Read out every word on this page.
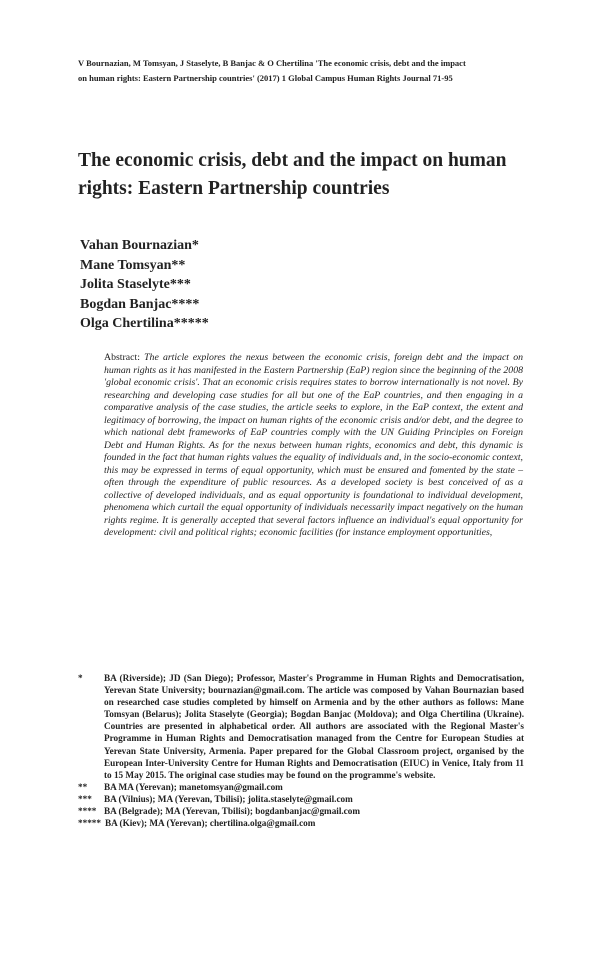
V Bournazian, M Tomsyan, J Staselyte, B Banjac & O Chertilina 'The economic crisis, debt and the impact
on human rights: Eastern Partnership countries' (2017) 1 Global Campus Human Rights Journal 71-95
The economic crisis, debt and the impact on human rights: Eastern Partnership countries
Vahan Bournazian*
Mane Tomsyan**
Jolita Staselyte***
Bogdan Banjac****
Olga Chertilina*****
Abstract: The article explores the nexus between the economic crisis, foreign debt and the impact on human rights as it has manifested in the Eastern Partnership (EaP) region since the beginning of the 2008 'global economic crisis'. That an economic crisis requires states to borrow internationally is not novel. By researching and developing case studies for all but one of the EaP countries, and then engaging in a comparative analysis of the case studies, the article seeks to explore, in the EaP context, the extent and legitimacy of borrowing, the impact on human rights of the economic crisis and/or debt, and the degree to which national debt frameworks of EaP countries comply with the UN Guiding Principles on Foreign Debt and Human Rights. As for the nexus between human rights, economics and debt, this dynamic is founded in the fact that human rights values the equality of individuals and, in the socio-economic context, this may be expressed in terms of equal opportunity, which must be ensured and fomented by the state – often through the expenditure of public resources. As a developed society is best conceived of as a collective of developed individuals, and as equal opportunity is foundational to individual development, phenomena which curtail the equal opportunity of individuals necessarily impact negatively on the human rights regime. It is generally accepted that several factors influence an individual's equal opportunity for development: civil and political rights; economic facilities (for instance employment opportunities,
*	BA (Riverside); JD (San Diego); Professor, Master's Programme in Human Rights and Democratisation, Yerevan State University; bournazian@gmail.com. The article was composed by Vahan Bournazian based on researched case studies completed by himself on Armenia and by the other authors as follows: Mane Tomsyan (Belarus); Jolita Staselyte (Georgia); Bogdan Banjac (Moldova); and Olga Chertilina (Ukraine). Countries are presented in alphabetical order. All authors are associated with the Regional Master's Programme in Human Rights and Democratisation managed from the Centre for European Studies at Yerevan State University, Armenia. Paper prepared for the Global Classroom project, organised by the European Inter-University Centre for Human Rights and Democratisation (EIUC) in Venice, Italy from 11 to 15 May 2015. The original case studies may be found on the programme's website.
**	BA MA (Yerevan); manetomsyan@gmail.com
***	BA (Vilnius); MA (Yerevan, Tbilisi); jolita.staselyte@gmail.com
**** BA (Belgrade); MA (Yerevan, Tbilisi); bogdanbanjac@gmail.com
***** BA (Kiev); MA (Yerevan); chertilina.olga@gmail.com
